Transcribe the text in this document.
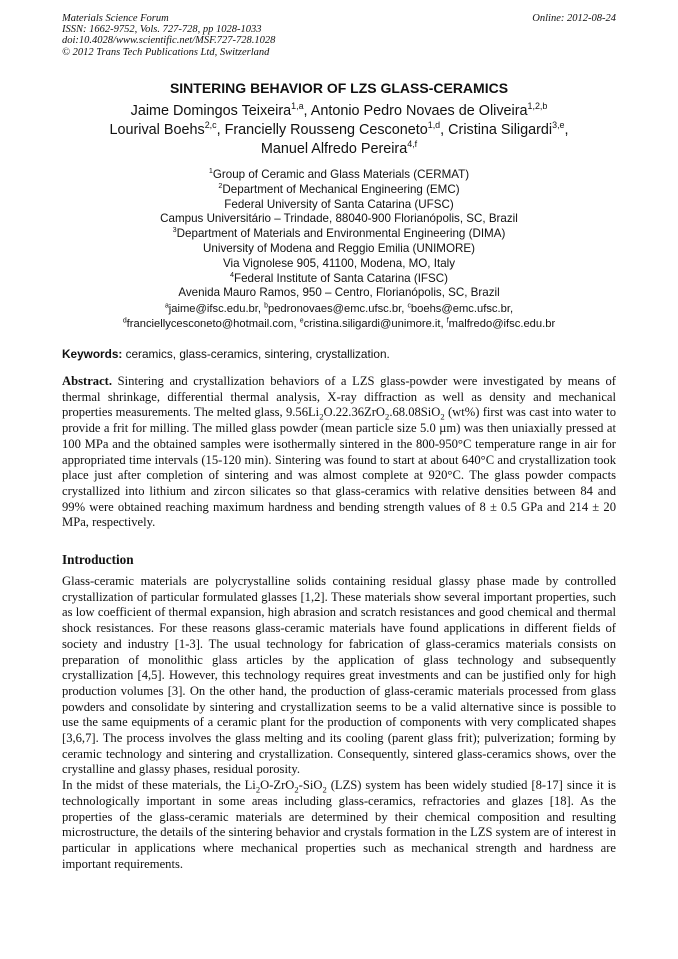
Materials Science Forum
ISSN: 1662-9752, Vols. 727-728, pp 1028-1033
doi:10.4028/www.scientific.net/MSF.727-728.1028
© 2012 Trans Tech Publications Ltd, Switzerland
Online: 2012-08-24
SINTERING BEHAVIOR OF LZS GLASS-CERAMICS
Jaime Domingos Teixeira$^{1,a}$, Antonio Pedro Novaes de Oliveira$^{1,2,b}$
Lourival Boehs$^{2,c}$, Francielly Rousseng Cesconeto$^{1,d}$, Cristina Siligardi$^{3,e}$,
Manuel Alfredo Pereira$^{4,f}$
$^1$Group of Ceramic and Glass Materials (CERMAT)
$^2$Department of Mechanical Engineering (EMC)
Federal University of Santa Catarina (UFSC)
Campus Universitário – Trindade, 88040-900 Florianópolis, SC, Brazil
$^3$Department of Materials and Environmental Engineering (DIMA)
University of Modena and Reggio Emilia (UNIMORE)
Via Vignolese 905, 41100, Modena, MO, Italy
$^4$Federal Institute of Santa Catarina (IFSC)
Avenida Mauro Ramos, 950 – Centro, Florianópolis, SC, Brazil
$^a$jaime@ifsc.edu.br, $^b$pedronovaes@emc.ufsc.br, $^c$boehs@emc.ufsc.br,
$^d$franciellycesconeto@hotmail.com, $^e$cristina.siligardi@unimore.it, $^f$malfredo@ifsc.edu.br
Keywords: ceramics, glass-ceramics, sintering, crystallization.
Abstract. Sintering and crystallization behaviors of a LZS glass-powder were investigated by means of thermal shrinkage, differential thermal analysis, X-ray diffraction as well as density and mechanical properties measurements. The melted glass, $9.56Li_2O.22.36ZrO_2.68.08SiO_2$ (wt%) first was cast into water to provide a frit for milling. The milled glass powder (mean particle size 5.0 µm) was then uniaxially pressed at 100 MPa and the obtained samples were isothermally sintered in the 800-950°C temperature range in air for appropriated time intervals (15-120 min). Sintering was found to start at about 640°C and crystallization took place just after completion of sintering and was almost complete at 920°C. The glass powder compacts crystallized into lithium and zircon silicates so that glass-ceramics with relative densities between 84 and 99% were obtained reaching maximum hardness and bending strength values of 8 ± 0.5 GPa and 214 ± 20 MPa, respectively.
Introduction

Glass-ceramic materials are polycrystalline solids containing residual glassy phase made by controlled crystallization of particular formulated glasses [1,2]. These materials show several important properties, such as low coefficient of thermal expansion, high abrasion and scratch resistances and good chemical and thermal shock resistances. For these reasons glass-ceramic materials have found applications in different fields of society and industry [1-3]. The usual technology for fabrication of glass-ceramics materials consists on preparation of monolithic glass articles by the application of glass technology and subsequently crystallization [4,5]. However, this technology requires great investments and can be justified only for high production volumes [3]. On the other hand, the production of glass-ceramic materials processed from glass powders and consolidate by sintering and crystallization seems to be a valid alternative since is possible to use the same equipments of a ceramic plant for the production of components with very complicated shapes [3,6,7]. The process involves the glass melting and its cooling (parent glass frit); pulverization; forming by ceramic technology and sintering and crystallization. Consequently, sintered glass-ceramics shows, over the crystalline and glassy phases, residual porosity.

In the midst of these materials, the $Li_2O-ZrO_2-SiO_2$ (LZS) system has been widely studied [8-17] since it is technologically important in some areas including glass-ceramics, refractories and glazes [18]. As the properties of the glass-ceramic materials are determined by their chemical composition and resulting microstructure, the details of the sintering behavior and crystals formation in the LZS system are of interest in particular in applications where mechanical properties such as mechanical strength and hardness are important requirements.
